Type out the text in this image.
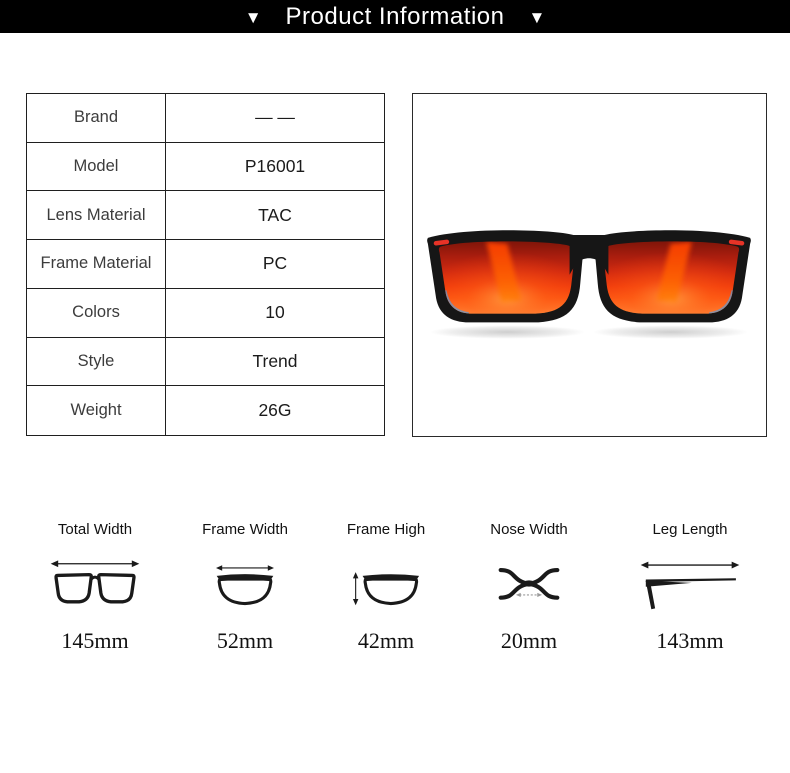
▼ Product Information ▼
Brand	— —
Model	P16001
Lens Material	TAC
Frame Material	PC
Colors	10
Style	Trend
Weight	26G
Total Width
145mm
Frame Width
52mm
Frame High
42mm
Nose Width
20mm
Leg Length
143mm
